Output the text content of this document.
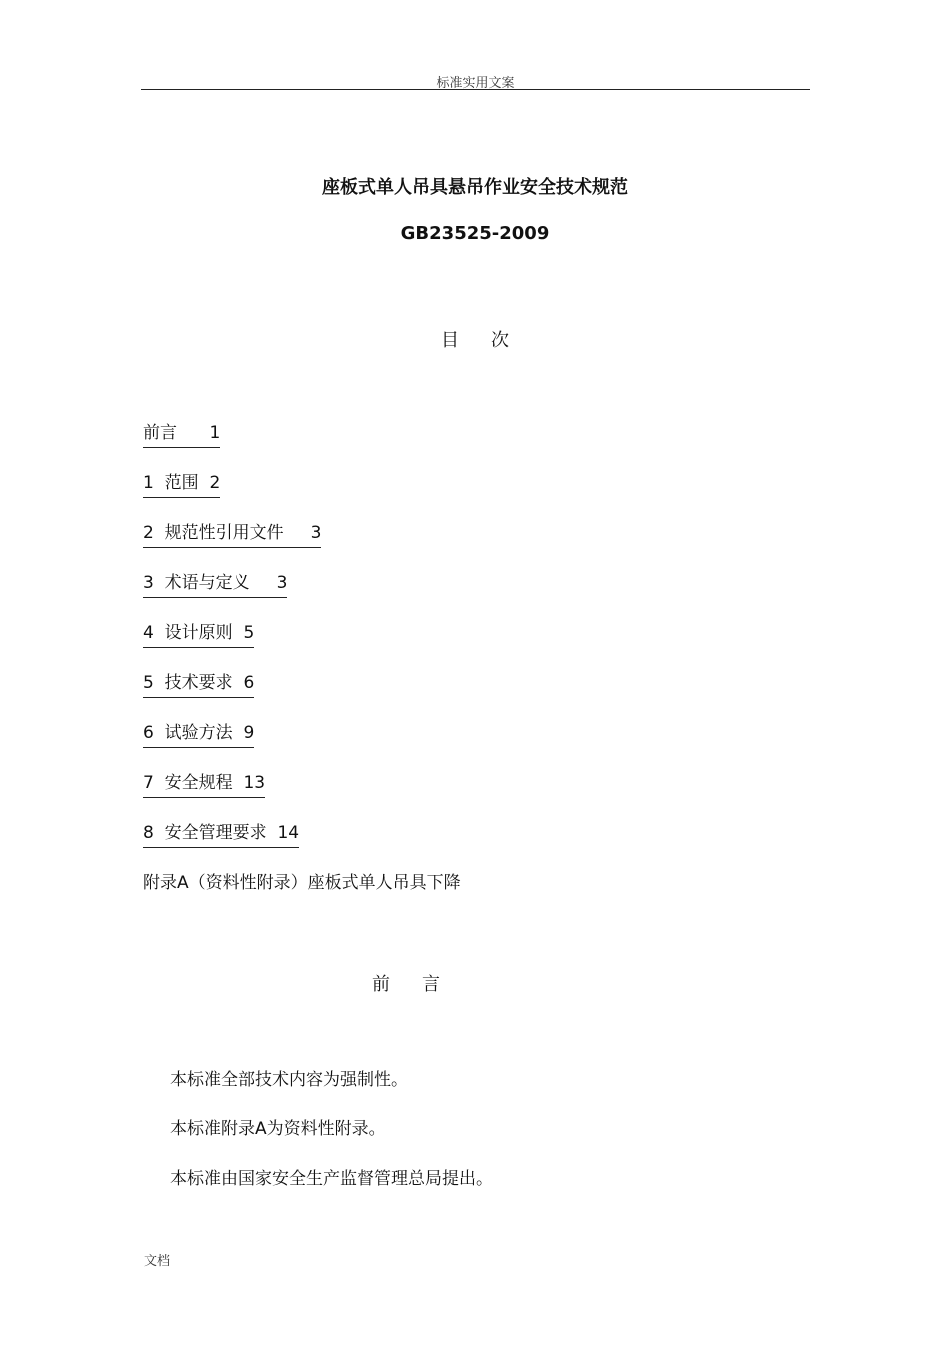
标准实用文案
座板式单人吊具悬吊作业安全技术规范
GB23525-2009
目 次
前言 1
1  范围 2
2  规范性引用文件 3
3  术语与定义 3
4  设计原则 5
5  技术要求 6
6  试验方法 9
7  安全规程 13
8  安全管理要求 14
附录A（资料性附录）座板式单人吊具下降
前 言
本标准全部技术内容为强制性。
本标准附录A为资料性附录。
本标准由国家安全生产监督管理总局提出。
文档
